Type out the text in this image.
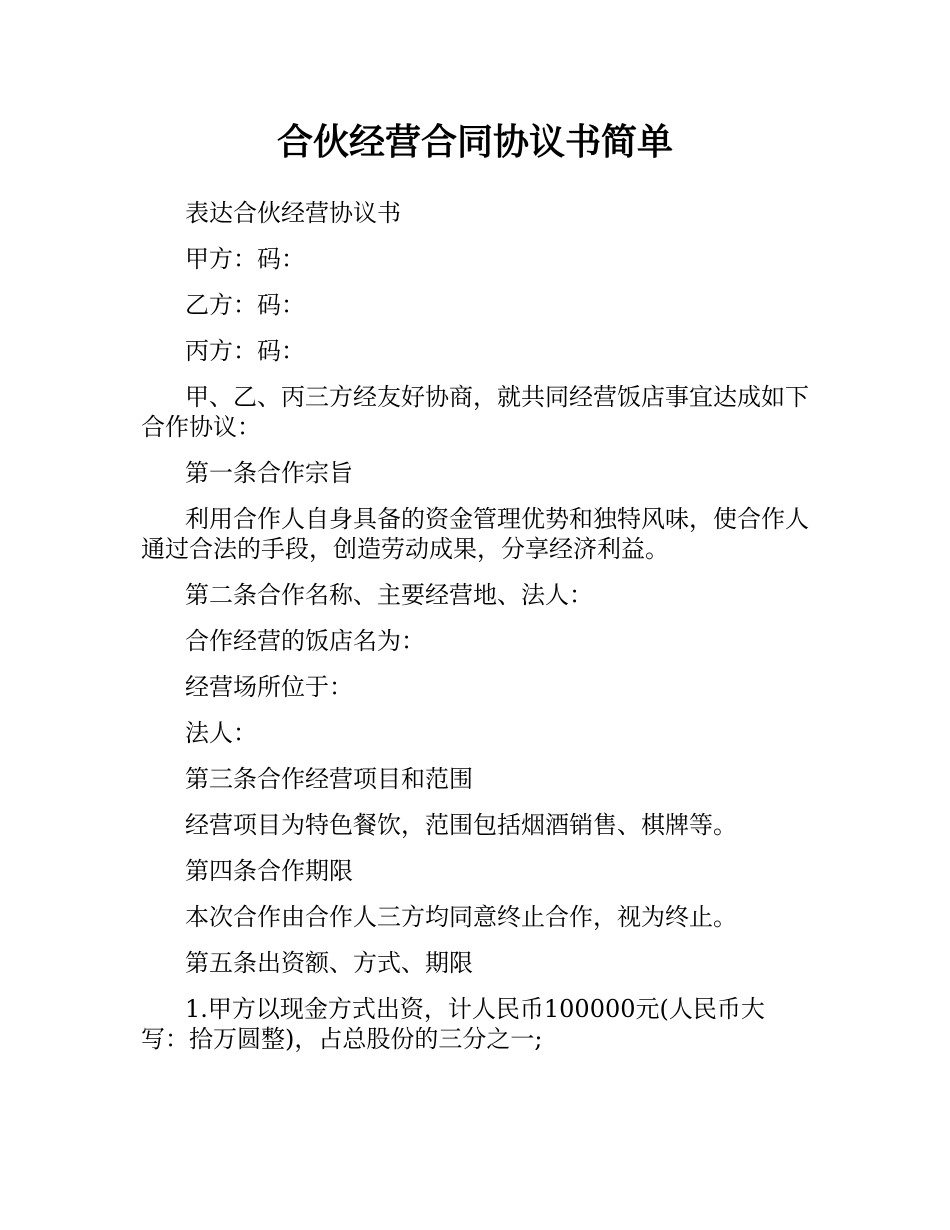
合伙经营合同协议书简单

表达合伙经营协议书

甲方：码：

乙方：码：

丙方：码：

甲、乙、丙三方经友好协商，就共同经营饭店事宜达成如下合作协议：

第一条合作宗旨

利用合作人自身具备的资金管理优势和独特风味，使合作人通过合法的手段，创造劳动成果，分享经济利益。

第二条合作名称、主要经营地、法人：

合作经营的饭店名为：

经营场所位于：

法人：

第三条合作经营项目和范围

经营项目为特色餐饮，范围包括烟酒销售、棋牌等。

第四条合作期限

本次合作由合作人三方均同意终止合作，视为终止。

第五条出资额、方式、期限

1.甲方以现金方式出资，计人民币100000元(人民币大写：拾万圆整)，占总股份的三分之一;
